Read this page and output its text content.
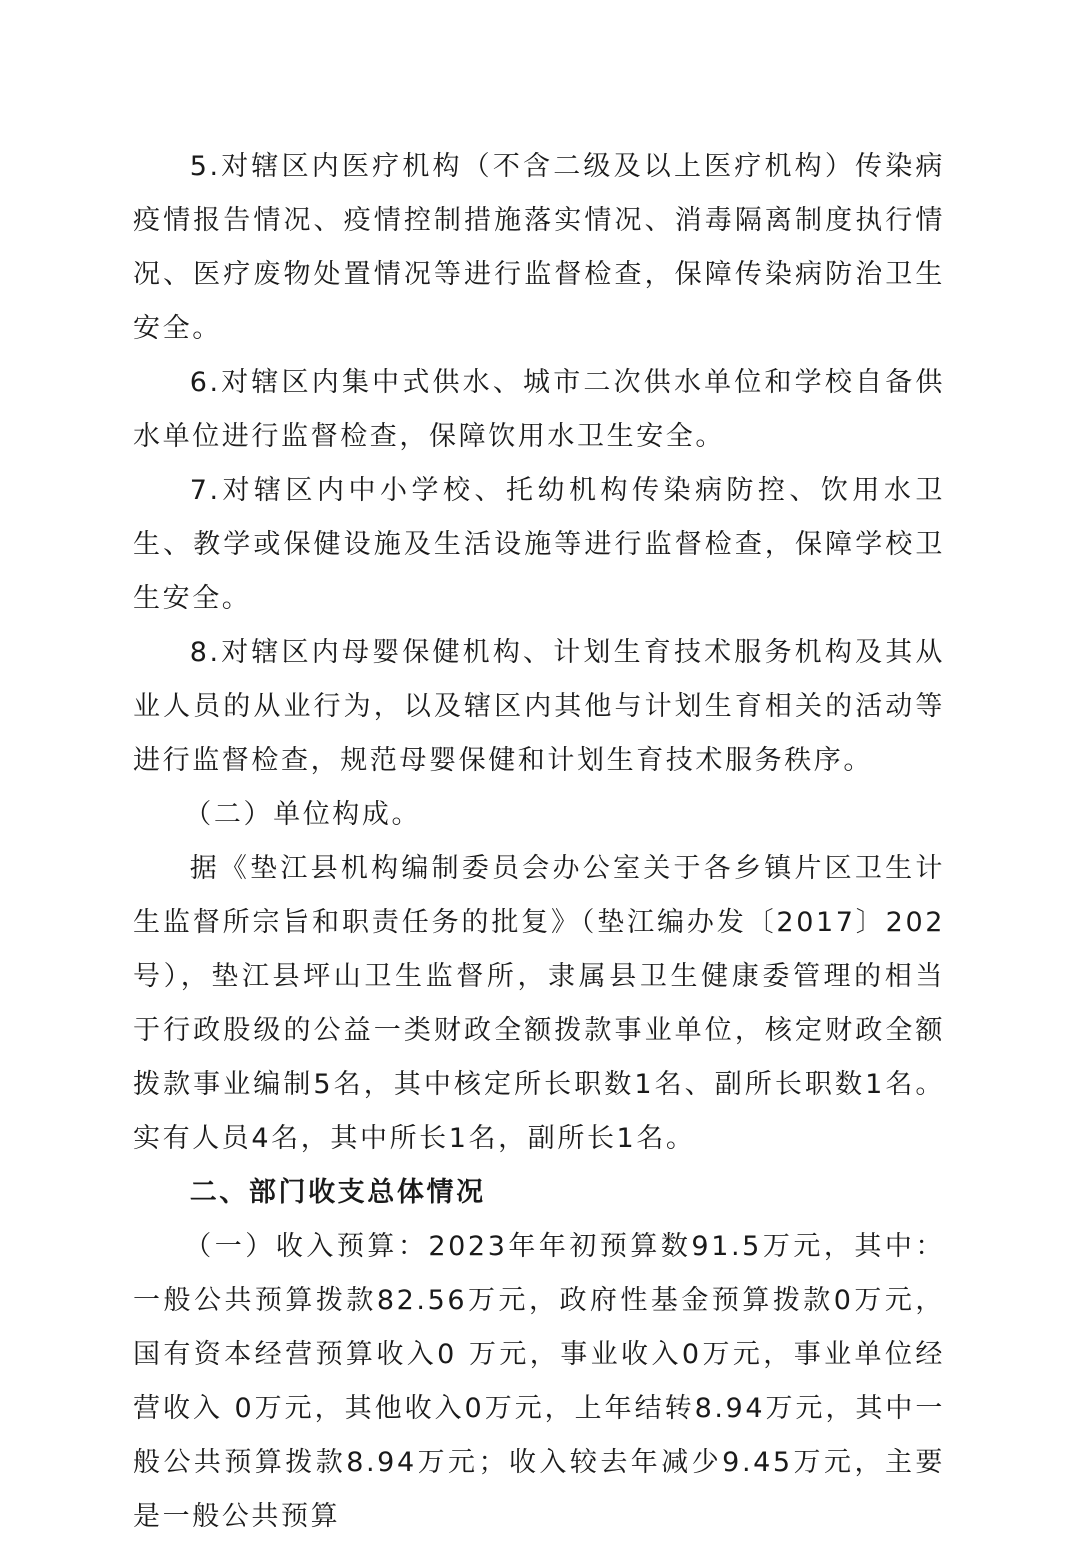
5.对辖区内医疗机构（不含二级及以上医疗机构）传染病疫情报告情况、疫情控制措施落实情况、消毒隔离制度执行情况、医疗废物处置情况等进行监督检查，保障传染病防治卫生安全。

6.对辖区内集中式供水、城市二次供水单位和学校自备供水单位进行监督检查，保障饮用水卫生安全。

7.对辖区内中小学校、托幼机构传染病防控、饮用水卫生、教学或保健设施及生活设施等进行监督检查，保障学校卫生安全。

8.对辖区内母婴保健机构、计划生育技术服务机构及其从业人员的从业行为，以及辖区内其他与计划生育相关的活动等进行监督检查，规范母婴保健和计划生育技术服务秩序。

（二）单位构成。

据《垫江县机构编制委员会办公室关于各乡镇片区卫生计生监督所宗旨和职责任务的批复》（垫江编办发〔2017〕202号），垫江县坪山卫生监督所，隶属县卫生健康委管理的相当于行政股级的公益一类财政全额拨款事业单位，核定财政全额拨款事业编制5名，其中核定所长职数1名、副所长职数1名。实有人员4名，其中所长1名，副所长1名。

二、部门收支总体情况

（一）收入预算：2023年年初预算数91.5万元，其中：一般公共预算拨款82.56万元，政府性基金预算拨款0万元，国有资本经营预算收入0 万元，事业收入0万元，事业单位经营收入 0万元，其他收入0万元，上年结转8.94万元，其中一般公共预算拨款8.94万元；收入较去年减少9.45万元，主要是一般公共预算
